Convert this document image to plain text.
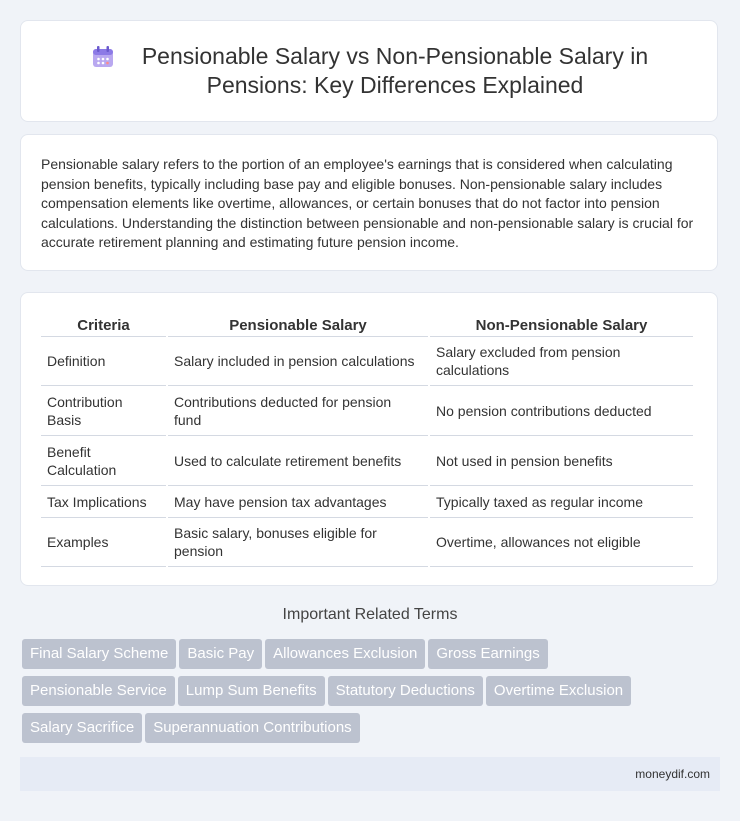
Pensionable Salary vs Non-Pensionable Salary in
Pensions: Key Differences Explained

Pensionable salary refers to the portion of an employee's earnings that is considered when calculating pension benefits, typically including base pay and eligible bonuses. Non-pensionable salary includes compensation elements like overtime, allowances, or certain bonuses that do not factor into pension calculations. Understanding the distinction between pensionable and non-pensionable salary is crucial for accurate retirement planning and estimating future pension income.

Criteria	Pensionable Salary	Non-Pensionable Salary
Definition	Salary included in pension calculations	Salary excluded from pension calculations
Contribution Basis	Contributions deducted for pension fund	No pension contributions deducted
Benefit Calculation	Used to calculate retirement benefits	Not used in pension benefits
Tax Implications	May have pension tax advantages	Typically taxed as regular income
Examples	Basic salary, bonuses eligible for pension	Overtime, allowances not eligible
Important Related Terms
Final Salary Scheme Basic Pay Allowances Exclusion Gross Earnings
Pensionable Service Lump Sum Benefits Statutory Deductions Overtime Exclusion
Salary Sacrifice Superannuation Contributions
moneydif.com
